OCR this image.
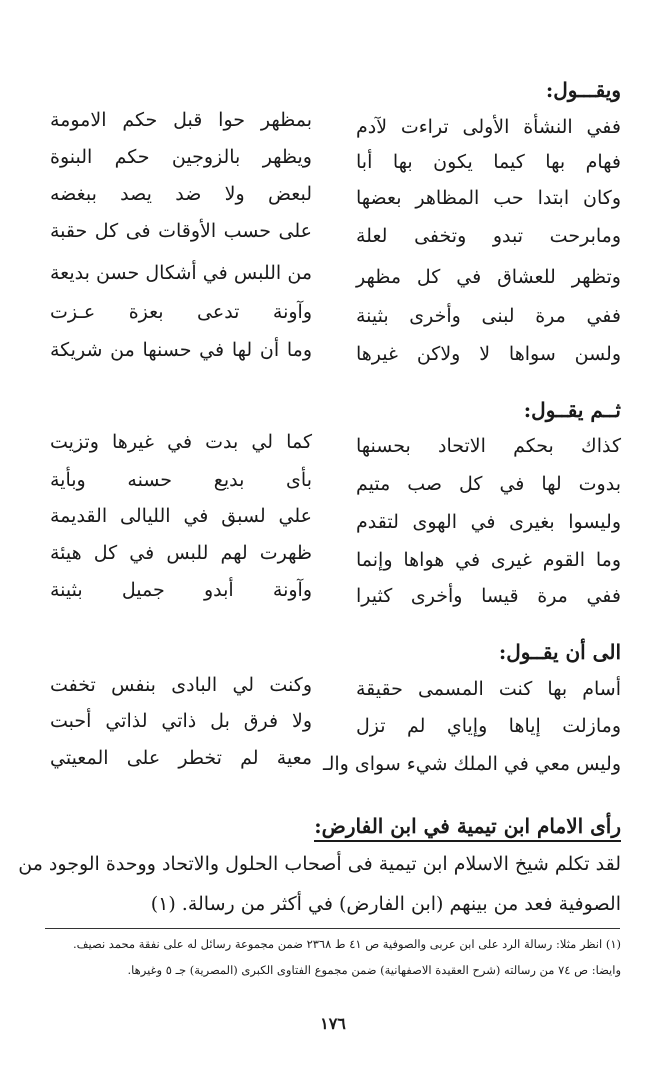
ويقـــول:
ففي النشأة الأولى تراءت لآدم
بمظهر حوا قبل حكم الامومة
فهام بها كيما يكون بها أبا
ويظهر بالزوجين حكم البنوة
وكان ابتدا حب المظاهر بعضها
لبعض ولا ضد يصد ببغضه
ومابرحت تبدو وتخفى لعلة
على حسب الأوقات فى كل حقبة
وتظهر للعشاق في كل مظهر
من اللبس في أشكال حسن بديعة
ففي مرة لبنى وأخرى بثينة
وآونة تدعى بعزة عـزت
ولسن سواها لا ولاكن غيرها
وما أن لها في حسنها من شريكة
ثــم يقــول:
كذاك بحكم الاتحاد بحسنها
كما لي بدت في غيرها وتزيت
بدوت لها في كل صب متيم
بأى بديع حسنه وبأية
وليسوا بغيرى في الهوى لتقدم
علي لسبق في الليالى القديمة
وما القوم غيرى في هواها وإنما
ظهرت لهم للبس في كل هيئة
ففي مرة قيسا وأخرى كثيرا
وآونة أبدو جميل بثينة
الى أن يقــول:
أسام بها كنت المسمى حقيقة
وكنت لي البادى بنفس تخفت
ومازلت إياها وإياي لم تزل
ولا فرق بل ذاتي لذاتي أحبت
وليس معي في الملك شيء سواى والـ
معية لم تخطر على المعيتي
رأى الامام ابن تيمية في ابن الفارض:
لقد تكلم شيخ الاسلام ابن تيمية فى أصحاب الحلول والاتحاد ووحدة الوجود من
الصوفية فعد من بينهم (ابن الفارض) في أكثر من رسالة. (١)
(١) انظر مثلا: رسالة الرد على ابن عربى والصوفية ص ٤١ ط ٢٣٦٨ ضمن مجموعة رسائل له على نفقة محمد نصيف.
وايضا: ص ٧٤ من رسالته (شرح العقيدة الاصفهانية) ضمن مجموع الفتاوى الكبرى (المصرية) جـ ٥ وغيرها.
١٧٦
